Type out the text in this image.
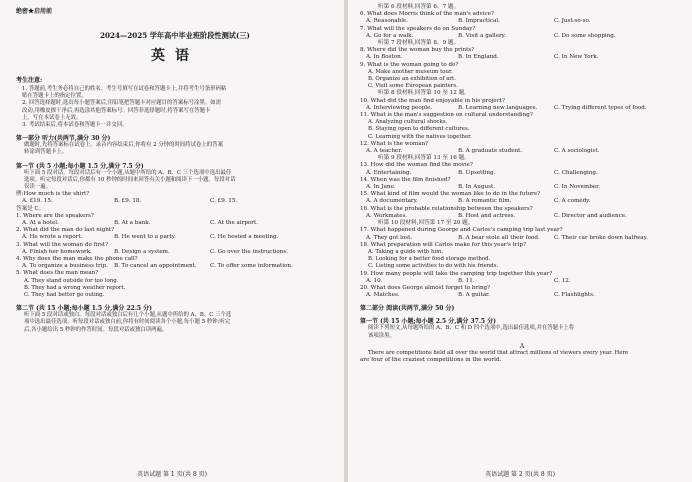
绝密★启用前
2024—2025 学年高中毕业班阶段性测试(三)
英语
考生注意:
1. 答题前,考生务必将自己的姓名、考生号填写在试卷和答题卡上,并将考生号条形码粘
贴在答题卡上的指定位置。
2. 回答选择题时,选出每小题答案后,用铅笔把答题卡对应题目的答案标号涂黑。如需
改动,用橡皮擦干净后,再选涂其他答案标号。回答非选择题时,将答案写在答题卡
上。写在本试卷上无效。
3. 考试结束后,将本试卷和答题卡一并交回。
第一部分 听力(共两节,满分 30 分)
做题时,先将答案标在试卷上。录音内容结束后,你将有 2 分钟的时间将试卷上的答案
转涂到答题卡上。
第一节 (共 5 小题;每小题 1.5 分,满分 7.5 分)
听下面 5 段对话。每段对话后有一个小题,从题中所给的 A、B、C 三个选项中选出最佳
选项。听完每段对话后,你都有 10 秒钟的时间来回答有关小题和阅读下一小题。每段对话
仅读一遍。
例:How much is the shirt?
A. £19. 15.	B. £9. 18.	C. £9. 15.
答案是 C。
1. Where are the speakers?
A. At a hotel.	B. At a bank.	C. At the airport.
2. What did the man do last night?
A. He wrote a report.	B. He went to a party.	C. He hosted a meeting.
3. What will the woman do first?
A. Finish her homework.	B. Design a system.	C. Go over the instructions.
4. Why does the man make the phone call?
A. To organize a business trip.	B. To cancel an appointment.	C. To offer some information.
5. What does the man mean?
A. They stand outside for too long.
B. They had a wrong weather report.
C. They had better go outing.
第二节 (共 15 小题;每小题 1.5 分,满分 22.5 分)
听下面 5 段对话或独白。每段对话或独白后有几个小题,从题中所给的 A、B、C 三个选
项中选出最佳选项。听每段对话或独白前,你将有时间阅读各个小题,每小题 5 秒钟;听完
后,各小题给出 5 秒钟的作答时间。每段对话或独白读两遍。
英语试题 第 1 页(共 8 页)
听第 6 段材料,回答第 6、7 题。
6. What does Morris think of the man's advice?
A. Reasonable.	B. Impractical.	C. Just-so-so.
7. What will the speakers do on Sunday?
A. Go for a walk.	B. Visit a gallery.	C. Do some shopping.
听第 7 段材料,回答第 8、9 题。
8. Where did the woman buy the prints?
A. In Boston.	B. In England.	C. In New York.
9. What is the woman going to do?
A. Make another museum tour.
B. Organize an exhibition of art.
C. Visit some European painters.
听第 8 段材料,回答第 10 至 12 题。
10. What did the man find enjoyable in his project?
A. Interviewing people.	B. Learning new languages.	C. Trying different types of food.
11. What is the man's suggestion on cultural understanding?
A. Analyzing cultural shocks.
B. Staying open to different cultures.
C. Learning with the natives together.
12. What is the woman?
A. A teacher.	B. A graduate student.	C. A sociologist.
听第 9 段材料,回答第 13 至 16 题。
13. How did the woman find the movie?
A. Entertaining.	B. Upsetting.	C. Challenging.
14. When was the film finished?
A. In June.	B. In August.	C. In November.
15. What kind of film would the woman like to do in the future?
A. A documentary.	B. A romantic film.	C. A comedy.
16. What is the probable relationship between the speakers?
A. Workmates.	B. Host and actress.	C. Director and audience.
听第 10 段材料,回答第 17 至 20 题。
17. What happened during George and Carlos's camping trip last year?
A. They got lost.	B. A bear stole all their food.	C. Their car broke down halfway.
18. What preparation will Carlos make for this year's trip?
A. Taking a guide with him.
B. Looking for a better food storage method.
C. Listing some activities to do with his friends.
19. How many people will take the camping trip together this year?
A. 10.	B. 11.	C. 12.
20. What does George almost forget to bring?
A. Matches.	B. A guitar.	C. Flashlights.
第二部分 阅读(共两节,满分 50 分)
第一节 (共 15 小题;每小题 2.5 分,满分 37.5 分)
阅读下列短文,从每题所给的 A、B、C 和 D 四个选项中,选出最佳选项,并在答题卡上将
该项涂黑。
A
There are competitions held all over the world that attract millions of viewers every year. Here
are four of the craziest competitions in the world.
英语试题 第 2 页(共 8 页)
